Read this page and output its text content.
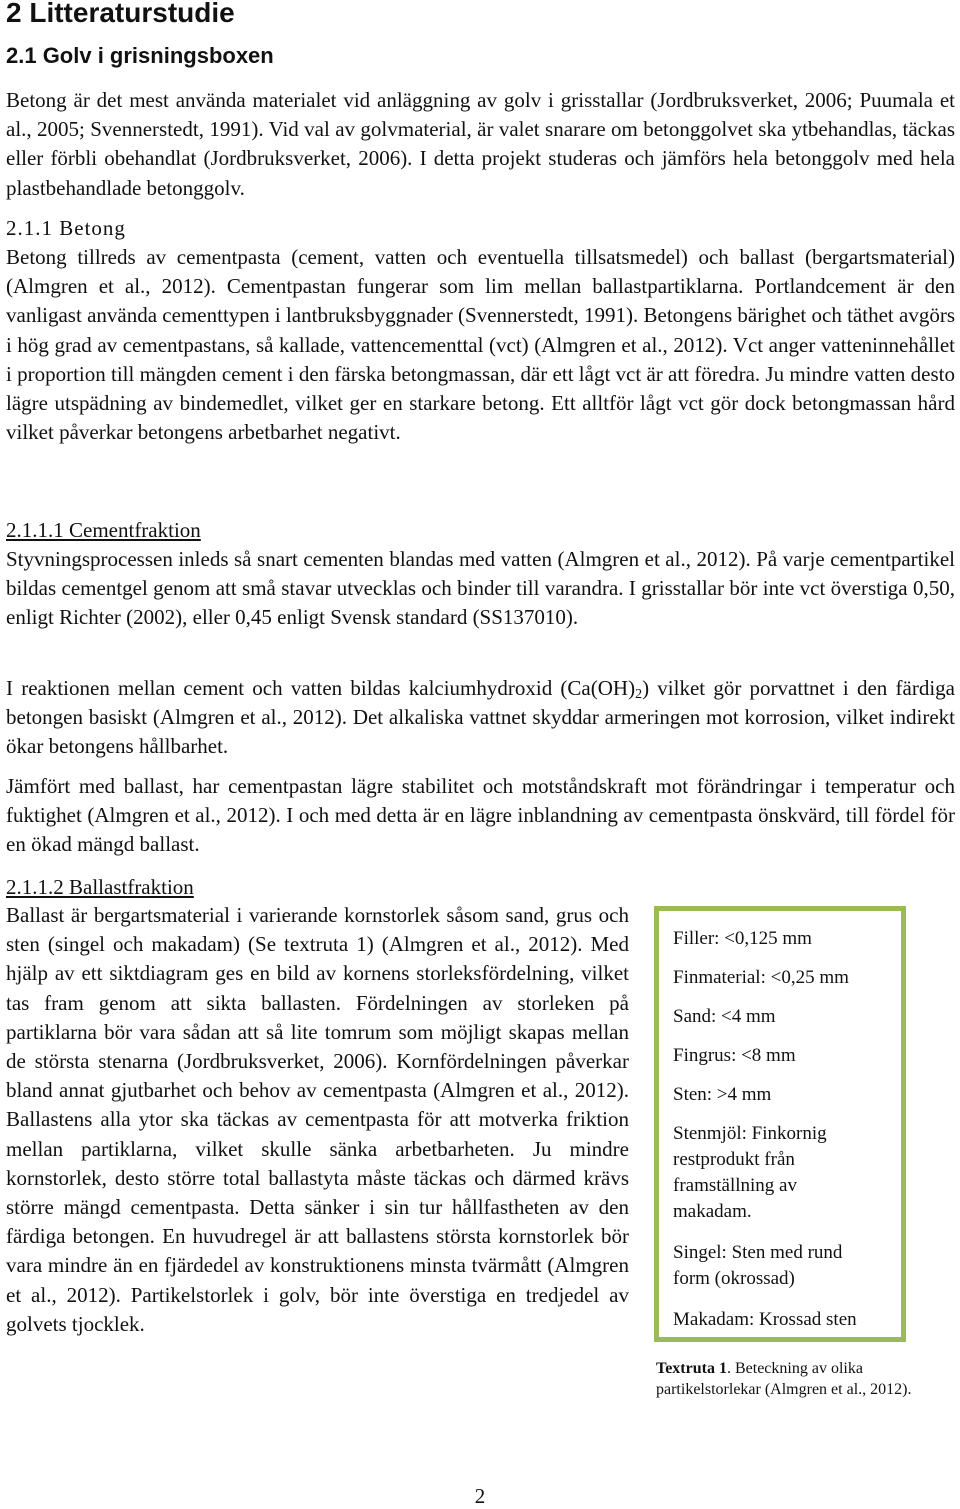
2 Litteraturstudie
2.1 Golv i grisningsboxen

Betong är det mest använda materialet vid anläggning av golv i grisstallar (Jordbruksverket, 2006; Puumala et al., 2005; Svennerstedt, 1991). Vid val av golvmaterial, är valet snarare om betonggolvet ska ytbehandlas, täckas eller förbli obehandlat (Jordbruksverket, 2006). I detta projekt studeras och jämförs hela betonggolv med hela plastbehandlade betonggolv.

2.1.1 Betong

Betong tillreds av cementpasta (cement, vatten och eventuella tillsatsmedel) och ballast (bergartsmaterial) (Almgren et al., 2012). Cementpastan fungerar som lim mellan ballastpartiklarna. Portlandcement är den vanligast använda cementtypen i lantbruksbyggnader (Svennerstedt, 1991). Betongens bärighet och täthet avgörs i hög grad av cementpastans, så kallade, vattencementtal (vct) (Almgren et al., 2012). Vct anger vatteninnehållet i proportion till mängden cement i den färska betongmassan, där ett lågt vct är att föredra. Ju mindre vatten desto lägre utspädning av bindemedlet, vilket ger en starkare betong. Ett alltför lågt vct gör dock betongmassan hård vilket påverkar betongens arbetbarhet negativt.

2.1.1.1 Cementfraktion

Styvningsprocessen inleds så snart cementen blandas med vatten (Almgren et al., 2012). På varje cementpartikel bildas cementgel genom att små stavar utvecklas och binder till varandra. I grisstallar bör inte vct överstiga 0,50, enligt Richter (2002), eller 0,45 enligt Svensk standard (SS137010).

I reaktionen mellan cement och vatten bildas kalciumhydroxid $(Ca(OH)_2)$ vilket gör porvattnet i den färdiga betongen basiskt (Almgren et al., 2012). Det alkaliska vattnet skyddar armeringen mot korrosion, vilket indirekt ökar betongens hållbarhet.

Jämfört med ballast, har cementpastan lägre stabilitet och motståndskraft mot förändringar i temperatur och fuktighet (Almgren et al., 2012). I och med detta är en lägre inblandning av cementpasta önskvärd, till fördel för en ökad mängd ballast.

2.1.1.2 Ballastfraktion

Ballast är bergartsmaterial i varierande kornstorlek såsom sand, grus och sten (singel och makadam) (Se textruta 1) (Almgren et al., 2012). Med hjälp av ett siktdiagram ges en bild av kornens storleksfördelning, vilket tas fram genom att sikta ballasten. Fördelningen av storleken på partiklarna bör vara sådan att så lite tomrum som möjligt skapas mellan de största stenarna (Jordbruksverket, 2006). Kornfördelningen påverkar bland annat gjutbarhet och behov av cementpasta (Almgren et al., 2012). Ballastens alla ytor ska täckas av cementpasta för att motverka friktion mellan partiklarna, vilket skulle sänka arbetbarheten. Ju mindre kornstorlek, desto större total ballastyta måste täckas och därmed krävs större mängd cementpasta. Detta sänker i sin tur hållfastheten av den färdiga betongen. En huvudregel är att ballastens största kornstorlek bör vara mindre än en fjärdedel av konstruktionens minsta tvärmått (Almgren et al., 2012). Partikelstorlek i golv, bör inte överstiga en tredjedel av golvets tjocklek.

Filler: <0,125 mm

Finmaterial: <0,25 mm

Sand: <4 mm

Fingrus: <8 mm

Sten: >4 mm

Stenmjöl: Finkornig restprodukt från framställning av makadam.

Singel: Sten med rund form (okrossad)

Makadam: Krossad sten

Textruta 1. Beteckning av olika partikelstorlekar (Almgren et al., 2012).

2
